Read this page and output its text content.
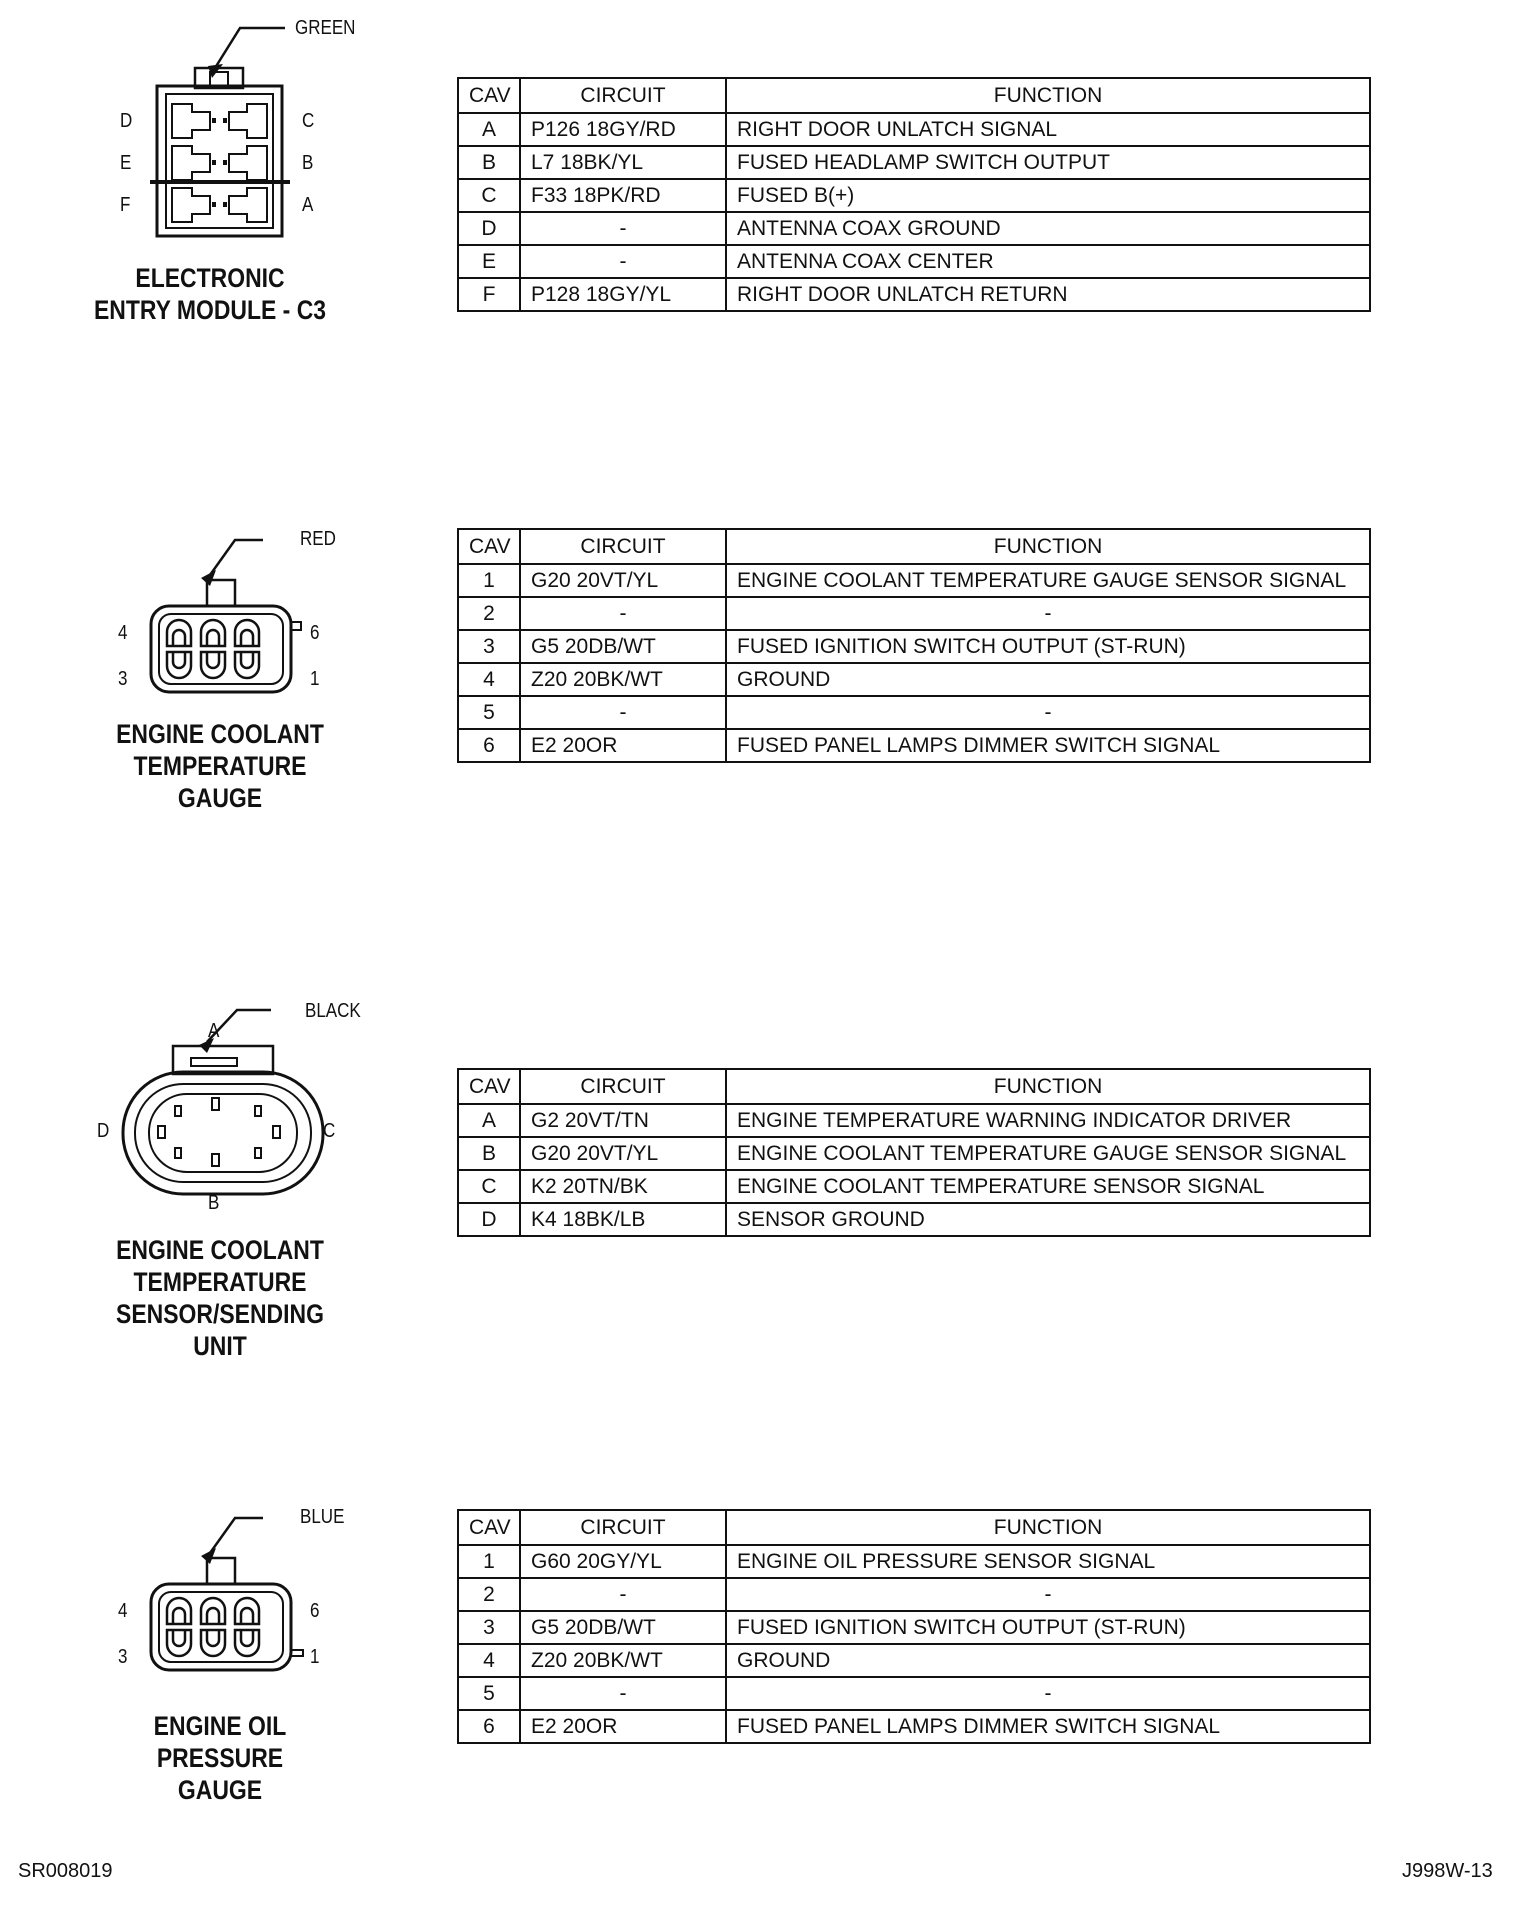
GREEN
D
E
F
C
B
A
ELECTRONIC
ENTRY MODULE - C3
CAV	CIRCUIT	FUNCTION
A	P126 18GY/RD	RIGHT DOOR UNLATCH SIGNAL
B	L7 18BK/YL	FUSED HEADLAMP SWITCH OUTPUT
C	F33 18PK/RD	FUSED B(+)
D	-	ANTENNA COAX GROUND
E	-	ANTENNA COAX CENTER
F	P128 18GY/YL	RIGHT DOOR UNLATCH RETURN
RED
4
3
6
1
ENGINE COOLANT
TEMPERATURE
GAUGE
CAV	CIRCUIT	FUNCTION
1	G20 20VT/YL	ENGINE COOLANT TEMPERATURE GAUGE SENSOR SIGNAL
2	-	-
3	G5 20DB/WT	FUSED IGNITION SWITCH OUTPUT (ST-RUN)
4	Z20 20BK/WT	GROUND
5	-	-
6	E2 20OR	FUSED PANEL LAMPS DIMMER SWITCH SIGNAL
A
B
C
D
BLACK
ENGINE COOLANT
TEMPERATURE
SENSOR/SENDING
UNIT
CAV	CIRCUIT	FUNCTION
A	G2 20VT/TN	ENGINE TEMPERATURE WARNING INDICATOR DRIVER
B	G20 20VT/YL	ENGINE COOLANT TEMPERATURE GAUGE SENSOR SIGNAL
C	K2 20TN/BK	ENGINE COOLANT TEMPERATURE SENSOR SIGNAL
D	K4 18BK/LB	SENSOR GROUND
BLUE
4
3
6
1
ENGINE OIL
PRESSURE
GAUGE
CAV	CIRCUIT	FUNCTION
1	G60 20GY/YL	ENGINE OIL PRESSURE SENSOR SIGNAL
2	-	-
3	G5 20DB/WT	FUSED IGNITION SWITCH OUTPUT (ST-RUN)
4	Z20 20BK/WT	GROUND
5	-	-
6	E2 20OR	FUSED PANEL LAMPS DIMMER SWITCH SIGNAL
SR008019	J998W-13
